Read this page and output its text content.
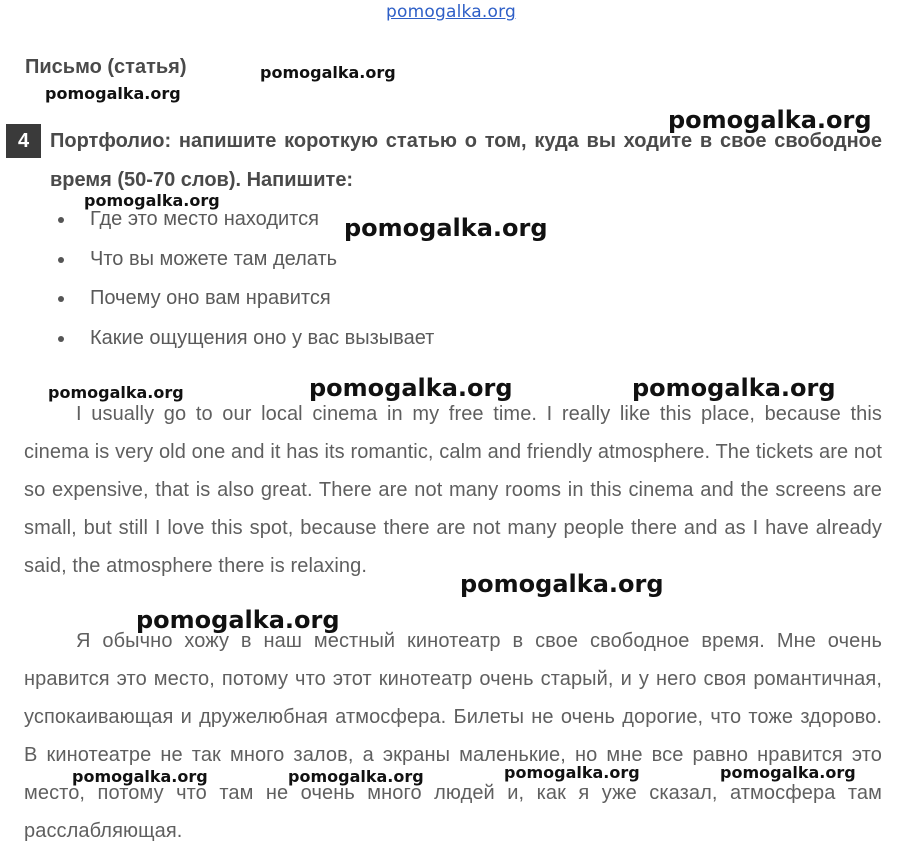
pomogalka.org
Письмо (статья)
4	Портфолио: напишите короткую статью о том, куда вы ходите в свое свободное время (50-70 слов). Напишите:
Где это место находится
Что вы можете там делать
Почему оно вам нравится
Какие ощущения оно у вас вызывает

I usually go to our local cinema in my free time. I really like this place, because this cinema is very old one and it has its romantic, calm and friendly atmosphere. The tickets are not so expensive, that is also great. There are not many rooms in this cinema and the screens are small, but still I love this spot, because there are not many people there and as I have already said, the atmosphere there is relaxing.

Я обычно хожу в наш местный кинотеатр в свое свободное время. Мне очень нравится это место, потому что этот кинотеатр очень старый, и у него своя романтичная, успокаивающая и дружелюбная атмосфера. Билеты не очень дорогие, что тоже здорово. В кинотеатре не так много залов, а экраны маленькие, но мне все равно нравится это место, потому что там не очень много людей и, как я уже сказал, атмосфера там расслабляющая.

pomogalka.org
pomogalka.org
pomogalka.org
pomogalka.org
pomogalka.org
pomogalka.org	pomogalka.org	pomogalka.org
pomogalka.org
pomogalka.org
pomogalka.org	pomogalka.org	pomogalka.org	pomogalka.org
